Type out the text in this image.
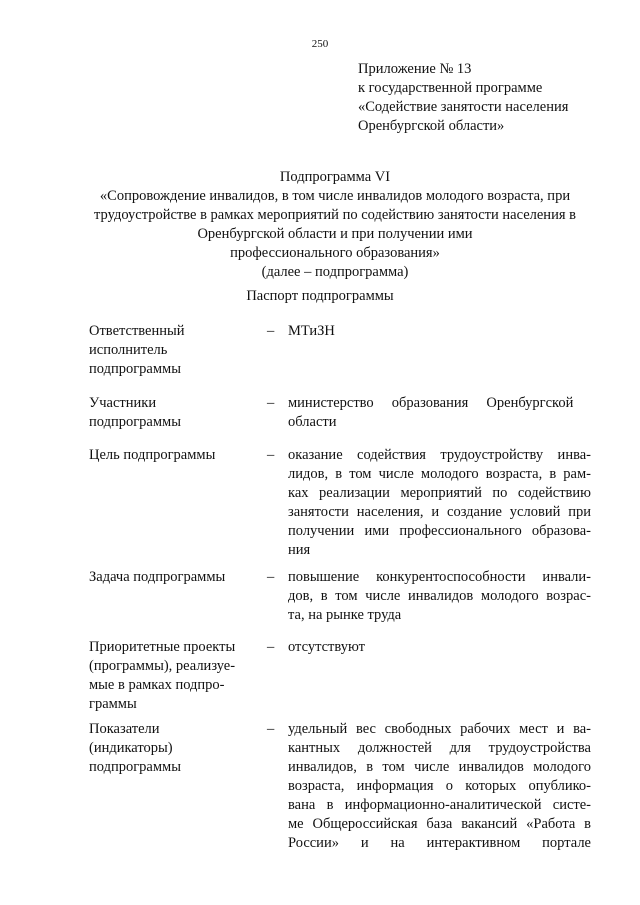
250
Приложение № 13
к государственной программе
«Содействие занятости населения
Оренбургской области»
Подпрограмма VI
«Сопровождение инвалидов, в том числе инвалидов молодого возраста, при
трудоустройстве в рамках мероприятий по содействию занятости населения в
Оренбургской области и при получении ими
профессионального образования»
(далее – подпрограмма)
Паспорт подпрограммы
Ответственный
исполнитель
подпрограммы
– МТиЗН
Участники
подпрограммы
– министерство     образования     Оренбургской
области
Цель подпрограммы	– оказание содействия трудоустройству инва-
лидов, в том числе молодого возраста, в рам-
ках реализации мероприятий по содействию
занятости населения, и создание условий при
получении ими профессионального образова-
ния
Задача подпрограммы	– повышение конкурентоспособности инвали-
дов, в том числе инвалидов молодого возрас-
та, на рынке труда
Приоритетные проекты
(программы), реализуе-
мые в рамках подпро-
граммы
– отсутствуют
Показатели
(индикаторы)
подпрограммы
– удельный вес свободных рабочих мест и ва-
кантных должностей для трудоустройства
инвалидов, в том числе инвалидов молодого
возраста, информация о которых опублико-
вана в информационно-аналитической систе-
ме Общероссийская база вакансий «Работа в
России» и на интерактивном портале
